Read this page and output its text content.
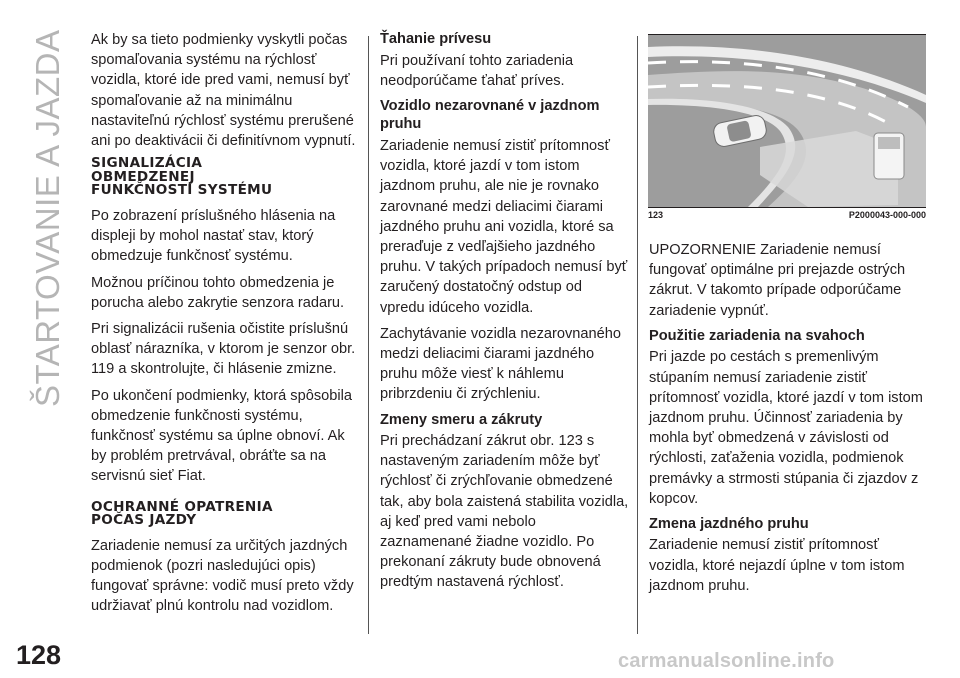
ŠTARTOVANIE A JAZDA
128

Ak by sa tieto podmienky vyskytli počas spomaľovania systému na rýchlosť vozidla, ktoré ide pred vami, nemusí byť spomaľovanie až na minimálnu nastaviteľnú rýchlosť systému prerušené ani po deaktivácii či definitívnom vypnutí.

SIGNALIZÁCIA
OBMEDZENEJ
FUNKČNOSTI SYSTÉMU

Po zobrazení príslušného hlásenia na displeji by mohol nastať stav, ktorý obmedzuje funkčnosť systému.

Možnou príčinou tohto obmedzenia je porucha alebo zakrytie senzora radaru.

Pri signalizácii rušenia očistite príslušnú oblasť nárazníka, v ktorom je senzor obr. 119 a skontrolujte, či hlásenie zmizne.

Po ukončení podmienky, ktorá spôsobila obmedzenie funkčnosti systému, funkčnosť systému sa úplne obnoví. Ak by problém pretrvával, obráťte sa na servisnú sieť Fiat.

OCHRANNÉ OPATRENIA
POČAS JAZDY

Zariadenie nemusí za určitých jazdných podmienok (pozri nasledujúci opis) fungovať správne: vodič musí preto vždy udržiavať plnú kontrolu nad vozidlom.

Ťahanie prívesu

Pri používaní tohto zariadenia neodporúčame ťahať príves.

Vozidlo nezarovnané v jazdnom pruhu

Zariadenie nemusí zistiť prítomnosť vozidla, ktoré jazdí v tom istom jazdnom pruhu, ale nie je rovnako zarovnané medzi deliacimi čiarami jazdného pruhu ani vozidla, ktoré sa preraďuje z vedľajšieho jazdného pruhu. V takých prípadoch nemusí byť zaručený dostatočný odstup od vpredu idúceho vozidla.

Zachytávanie vozidla nezarovnaného medzi deliacimi čiarami jazdného pruhu môže viesť k náhlemu pribrzdeniu či zrýchleniu.

Zmeny smeru a zákruty

Pri prechádzaní zákrut obr. 123 s nastaveným zariadením môže byť rýchlosť či zrýchľovanie obmedzené tak, aby bola zaistená stabilita vozidla, aj keď pred vami nebolo zaznamenané žiadne vozidlo. Po prekonaní zákruty bude obnovená predtým nastavená rýchlosť.

123	P2000043-000-000

UPOZORNENIE Zariadenie nemusí fungovať optimálne pri prejazde ostrých zákrut. V takomto prípade odporúčame zariadenie vypnúť.

Použitie zariadenia na svahoch

Pri jazde po cestách s premenlivým stúpaním nemusí zariadenie zistiť prítomnosť vozidla, ktoré jazdí v tom istom jazdnom pruhu. Účinnosť zariadenia by mohla byť obmedzená v závislosti od rýchlosti, zaťaženia vozidla, podmienok premávky a strmosti stúpania či zjazdov z kopcov.

Zmena jazdného pruhu

Zariadenie nemusí zistiť prítomnosť vozidla, ktoré nejazdí úplne v tom istom jazdnom pruhu.

carmanualsonline.info
